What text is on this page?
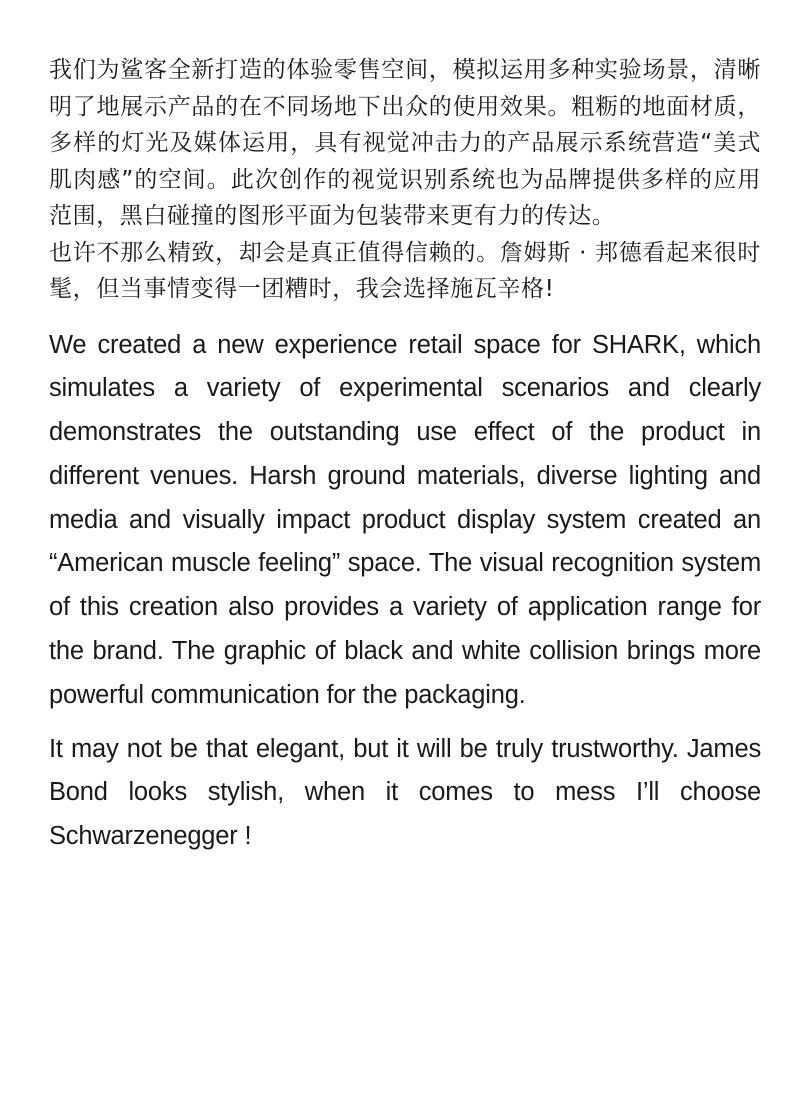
我们为鲨客全新打造的体验零售空间，模拟运用多种实验场景，清晰明了地展示产品的在不同场地下出众的使用效果。粗粝的地面材质，多样的灯光及媒体运用，具有视觉冲击力的产品展示系统营造“美式肌肉感”的空间。此次创作的视觉识别系统也为品牌提供多样的应用范围，黑白碰撞的图形平面为包装带来更有力的传达。

也许不那么精致，却会是真正值得信赖的。詹姆斯 · 邦德看起来很时髦，但当事情变得一团糟时，我会选择施瓦辛格!

We created a new experience retail space for SHARK, which simulates a variety of experimental scenarios and clearly demonstrates the outstanding use effect of the product in different venues. Harsh ground materials, diverse lighting and media and visually impact product display system created an “American muscle feeling” space. The visual recognition system of this creation also provides a variety of application range for the brand. The graphic of black and white collision brings more powerful communication for the packaging.

It may not be that elegant, but it will be truly trustworthy. James Bond looks stylish, when it comes to mess I’ll choose Schwarzenegger !
